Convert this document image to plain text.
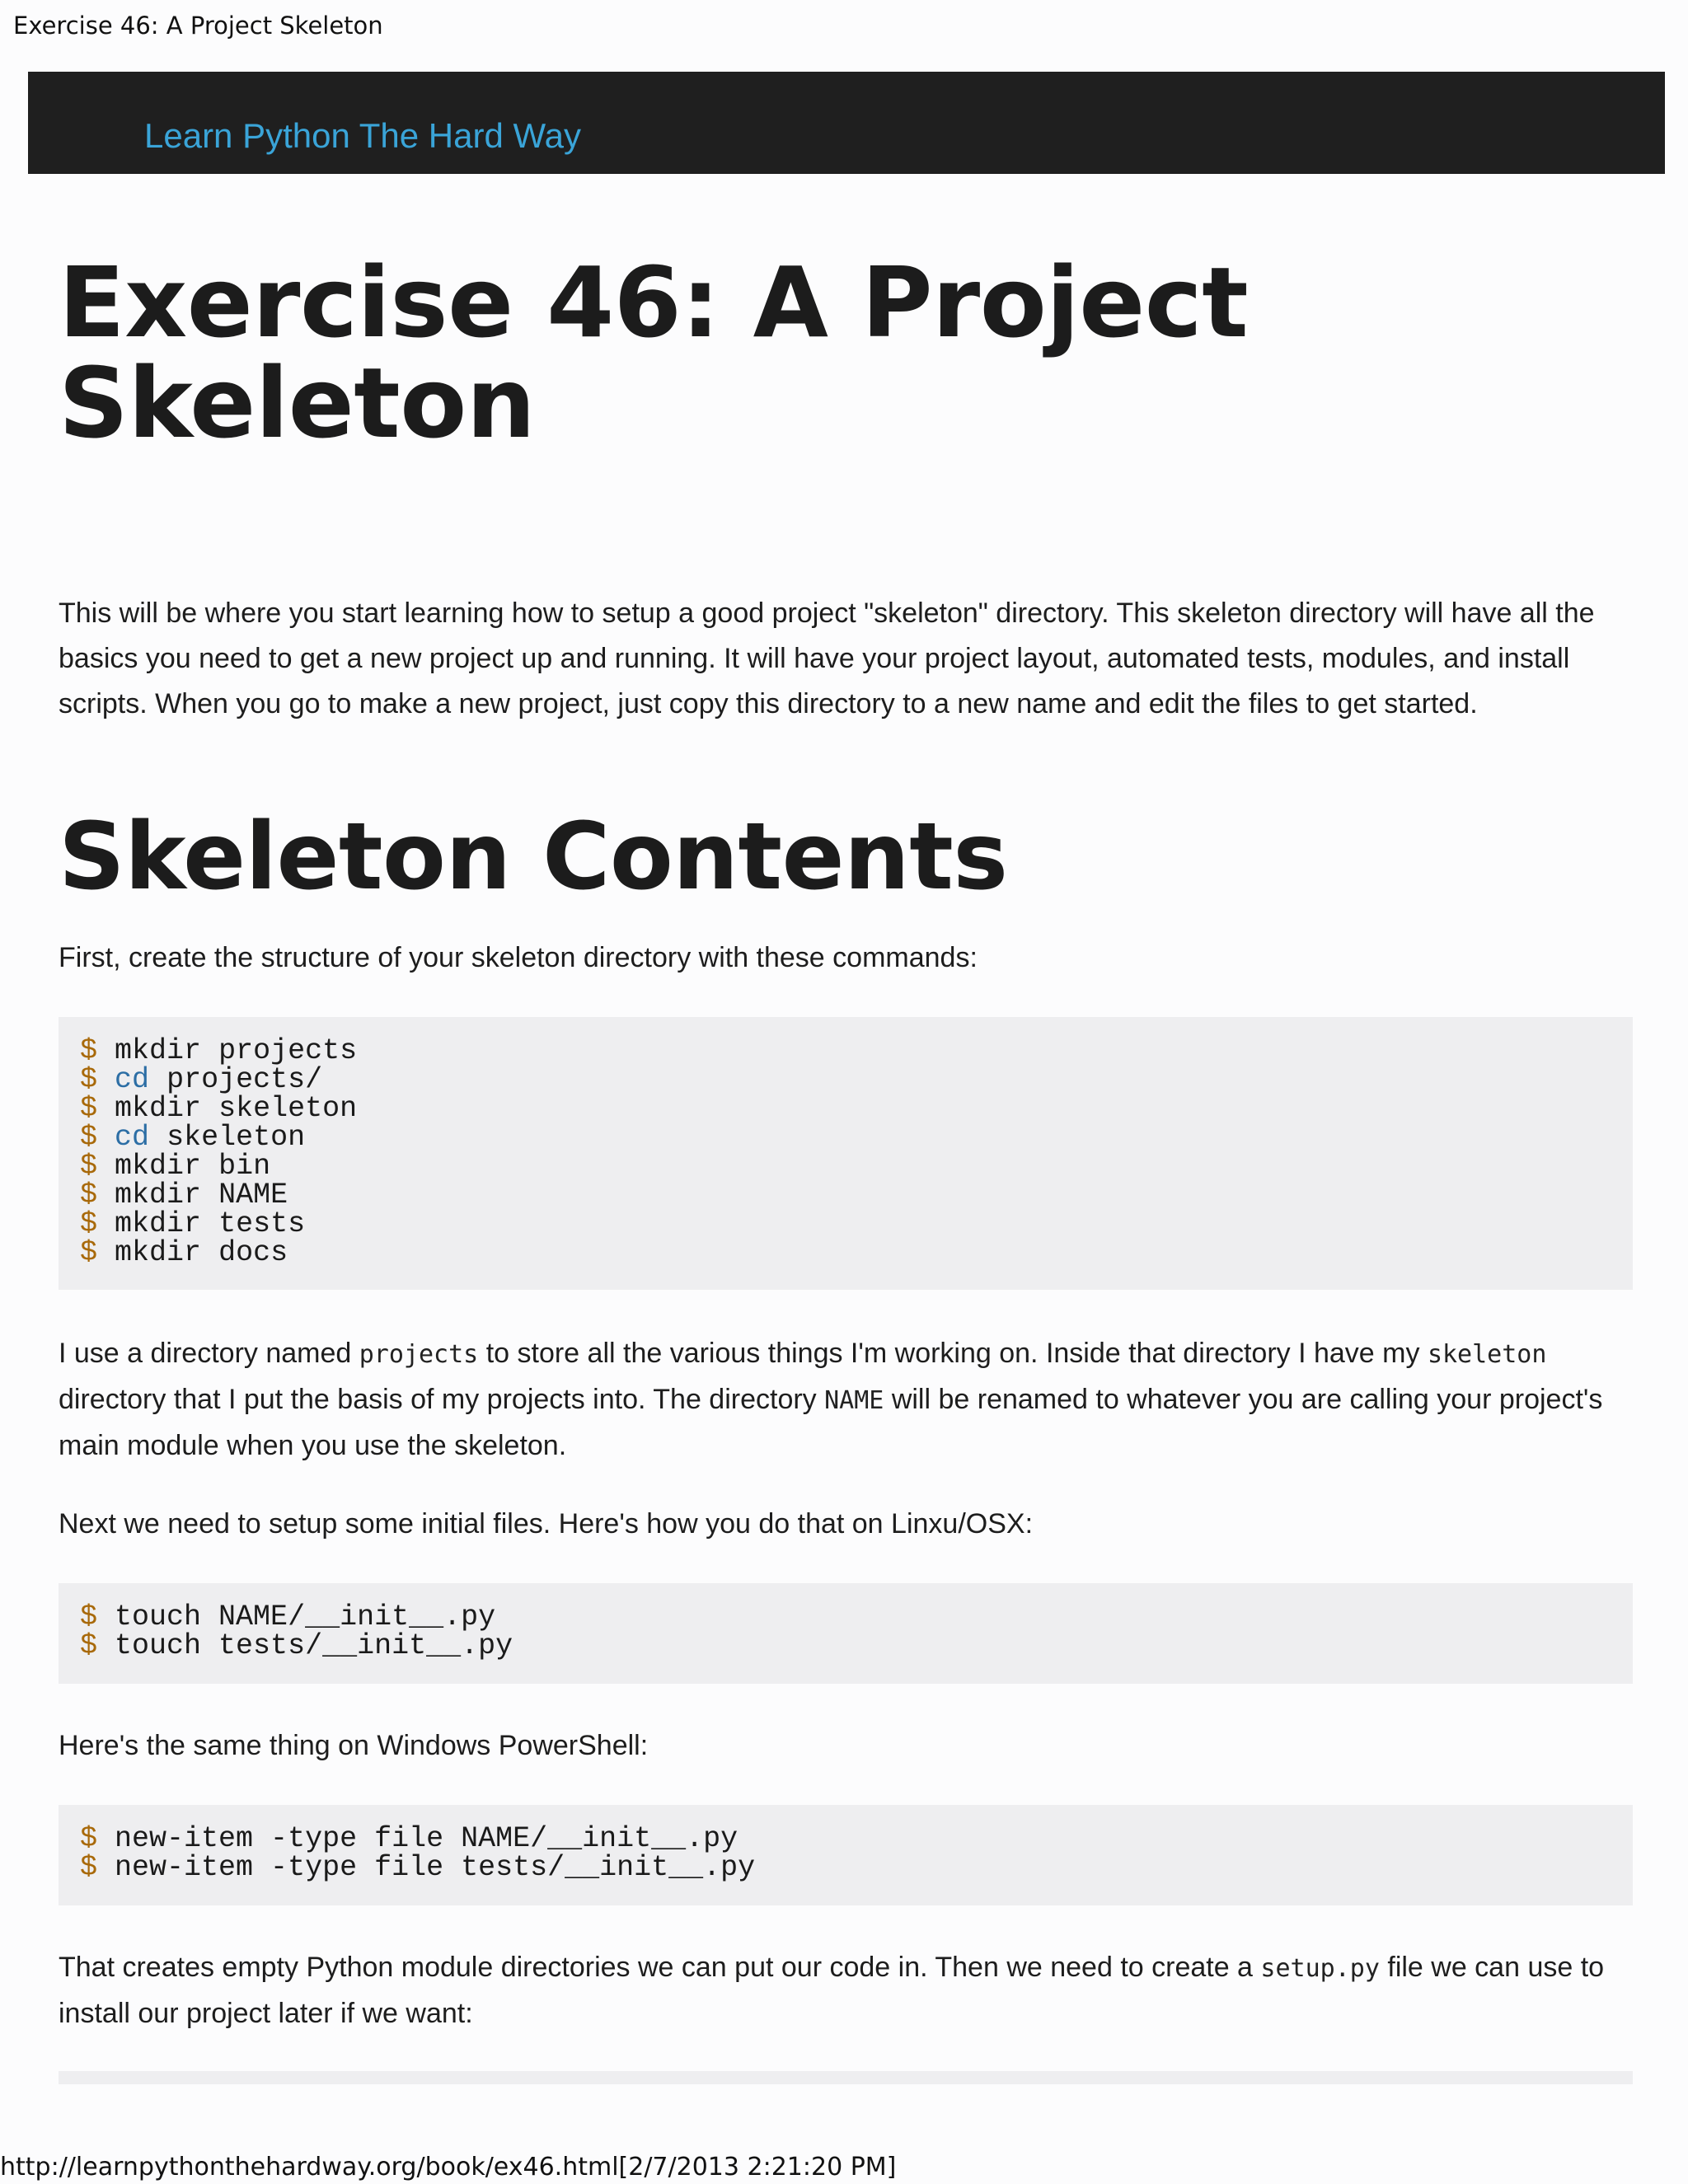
Exercise 46: A Project Skeleton
Learn Python The Hard Way
Exercise 46: A Project Skeleton

This will be where you start learning how to setup a good project "skeleton" directory. This skeleton directory will have all the basics you need to get a new project up and running. It will have your project layout, automated tests, modules, and install scripts. When you go to make a new project, just copy this directory to a new name and edit the files to get started.

Skeleton Contents

First, create the structure of your skeleton directory with these commands:

$ mkdir projects
$ cd projects/
$ mkdir skeleton
$ cd skeleton
$ mkdir bin
$ mkdir NAME
$ mkdir tests
$ mkdir docs

I use a directory named projects to store all the various things I'm working on. Inside that directory I have my skeleton directory that I put the basis of my projects into. The directory NAME will be renamed to whatever you are calling your project's main module when you use the skeleton.

Next we need to setup some initial files. Here's how you do that on Linxu/OSX:

$ touch NAME/__init__.py
$ touch tests/__init__.py

Here's the same thing on Windows PowerShell:

$ new-item -type file NAME/__init__.py
$ new-item -type file tests/__init__.py

That creates empty Python module directories we can put our code in. Then we need to create a setup.py file we can use to install our project later if we want:

http://learnpythonthehardway.org/book/ex46.html[2/7/2013 2:21:20 PM]
